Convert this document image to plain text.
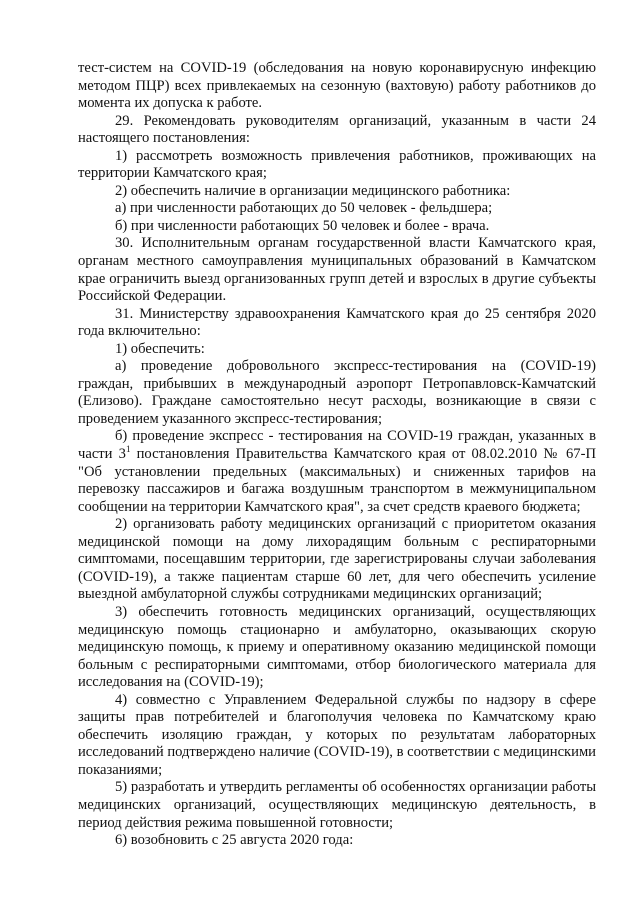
тест-систем на COVID-19 (обследования на новую коронавирусную инфекцию методом ПЦР) всех привлекаемых на сезонную (вахтовую) работу работников до момента их допуска к работе.

29. Рекомендовать руководителям организаций, указанным в части 24 настоящего постановления:

1) рассмотреть возможность привлечения работников, проживающих на территории Камчатского края;

2) обеспечить наличие в организации медицинского работника:

а) при численности работающих до 50 человек - фельдшера;

б) при численности работающих 50 человек и более - врача.

30. Исполнительным органам государственной власти Камчатского края, органам местного самоуправления муниципальных образований в Камчатском крае ограничить выезд организованных групп детей и взрослых в другие субъекты Российской Федерации.

31. Министерству здравоохранения Камчатского края до 25 сентября 2020 года включительно:

1) обеспечить:

а) проведение добровольного экспресс-тестирования на (COVID-19) граждан, прибывших в международный аэропорт Петропавловск-Камчатский (Елизово). Граждане самостоятельно несут расходы, возникающие в связи с проведением указанного экспресс-тестирования;

б) проведение экспресс - тестирования на COVID-19 граждан, указанных в части $3^1$ постановления Правительства Камчатского края от 08.02.2010 № 67-П "Об установлении предельных (максимальных) и сниженных тарифов на перевозку пассажиров и багажа воздушным транспортом в межмуниципальном сообщении на территории Камчатского края", за счет средств краевого бюджета;

2) организовать работу медицинских организаций с приоритетом оказания медицинской помощи на дому лихорадящим больным с респираторными симптомами, посещавшим территории, где зарегистрированы случаи заболевания (COVID-19), а также пациентам старше 60 лет, для чего обеспечить усиление выездной амбулаторной службы сотрудниками медицинских организаций;

3) обеспечить готовность медицинских организаций, осуществляющих медицинскую помощь стационарно и амбулаторно, оказывающих скорую медицинскую помощь, к приему и оперативному оказанию медицинской помощи больным с респираторными симптомами, отбор биологического материала для исследования на (COVID-19);

4) совместно с Управлением Федеральной службы по надзору в сфере защиты прав потребителей и благополучия человека по Камчатскому краю обеспечить изоляцию граждан, у которых по результатам лабораторных исследований подтверждено наличие (COVID-19), в соответствии с медицинскими показаниями;

5) разработать и утвердить регламенты об особенностях организации работы медицинских организаций, осуществляющих медицинскую деятельность, в период действия режима повышенной готовности;

6) возобновить с 25 августа 2020 года:
